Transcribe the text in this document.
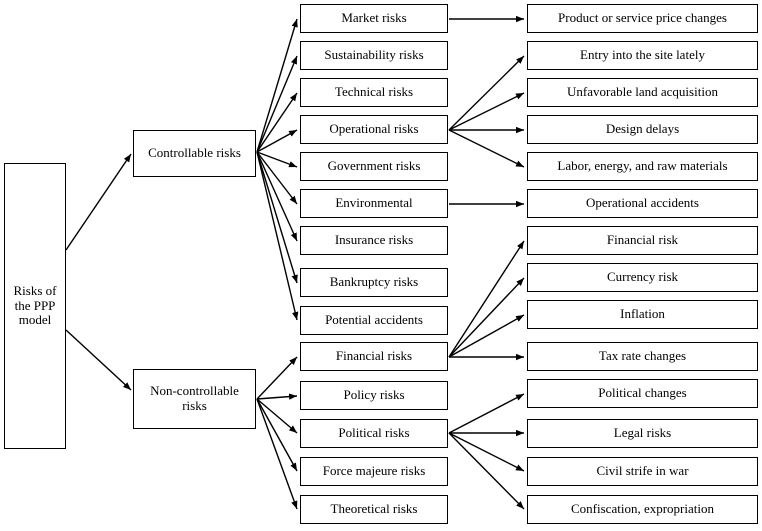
Risks of the PPP model
Controllable risks
Non-controllable risks
Market risks
Sustainability risks
Technical risks
Operational risks
Government risks
Environmental
Insurance risks
Bankruptcy risks
Potential accidents
Financial risks
Policy risks
Political risks
Force majeure risks
Theoretical risks
Product or service price changes
Entry into the site lately
Unfavorable land acquisition
Design delays
Labor, energy, and raw materials
Operational accidents
Financial risk
Currency risk
Inflation
Tax rate changes
Political changes
Legal risks
Civil strife in war
Confiscation, expropriation
